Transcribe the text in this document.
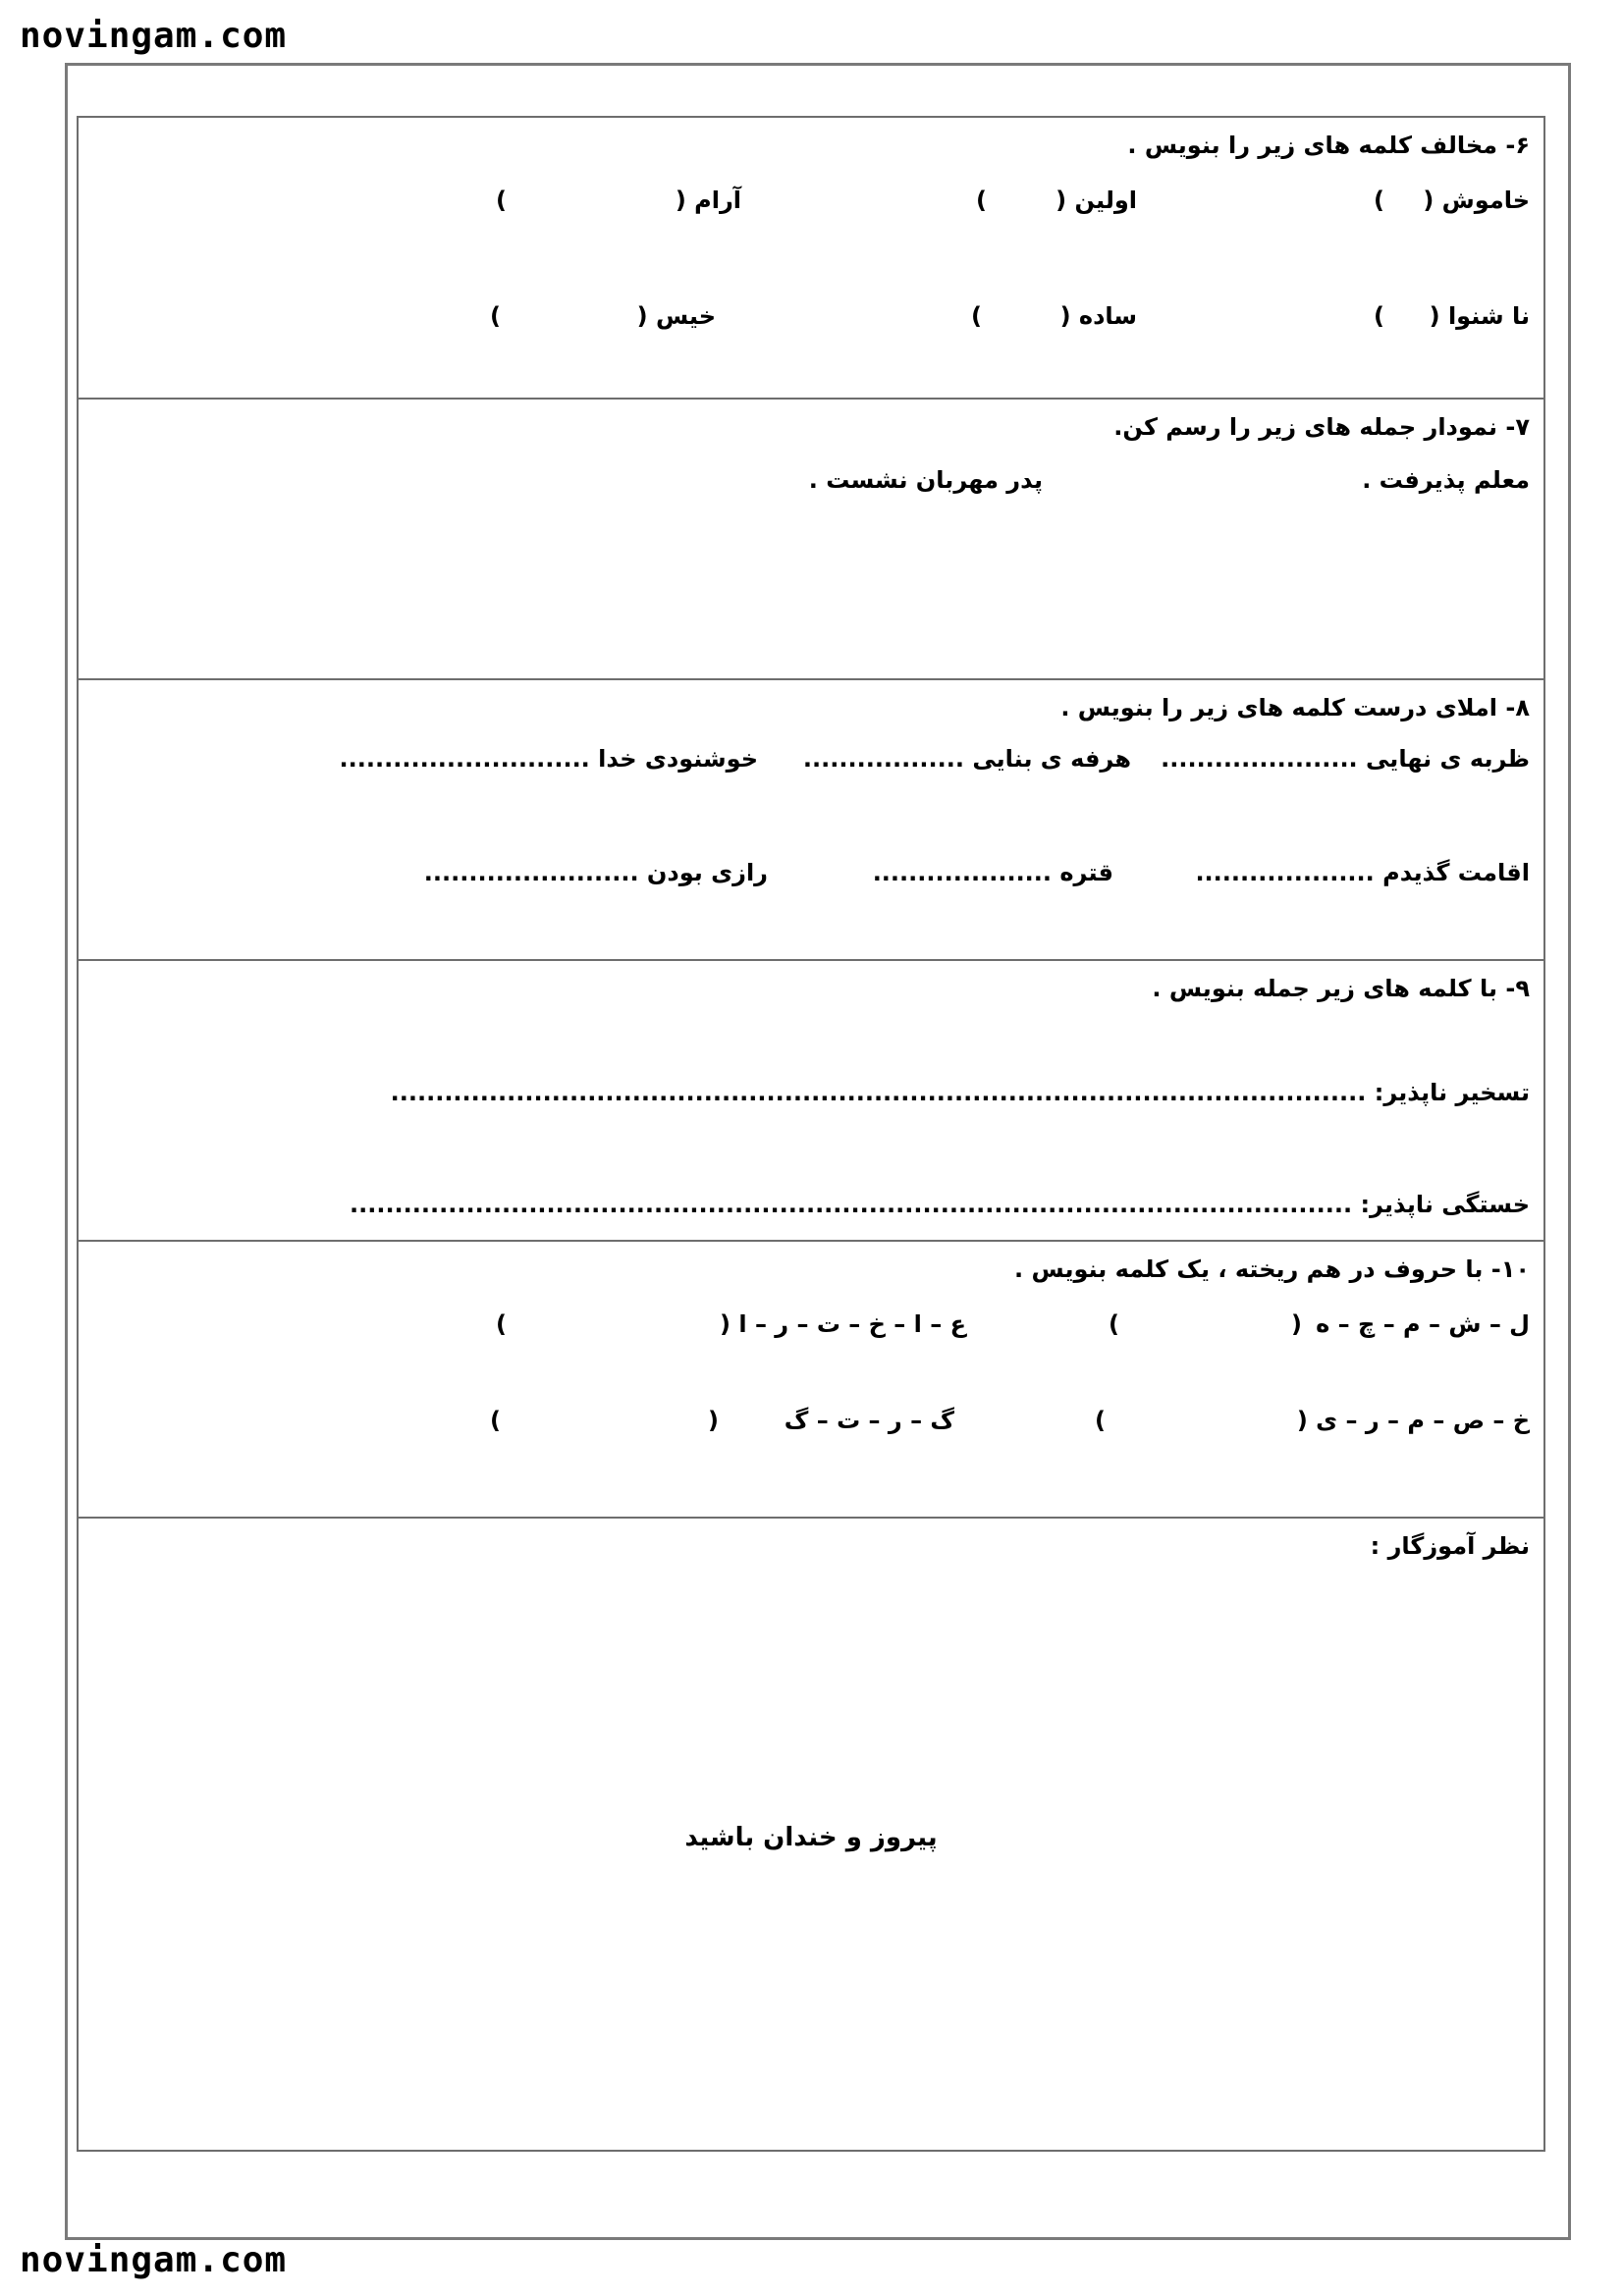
novingam.com
۶- مخالف کلمه های زیر را بنویس .
خاموش (
)
اولین (
)
آرام (
)
نا شنوا (
)
ساده (
)
خیس (
)
۷- نمودار جمله های زیر را رسم کن.
معلم پذیرفت .
پدر مهربان نشست .
۸- املای درست کلمه های زیر را بنویس .
ظربه ی نهایی ......................
هرفه ی بنایی ..................
خوشنودی خدا ............................
اقامت گذیدم ....................
قتره ....................
رازی بودن ........................
۹- با کلمه های زیر جمله بنویس .
تسخیر ناپذیر: .............................................................................................................
خستگی ناپذیر: ................................................................................................................
۱۰- با حروف در هم ریخته ، یک کلمه بنویس .
ل – ش – م – چ – ه
(
)
ع – ا – خ – ت – ر – ا (
)
خ – ص – م – ر – ی (
)
گ – ر – ت – گ
(
)
نظر آموزگار :
پیروز و خندان باشید
novingam.com
